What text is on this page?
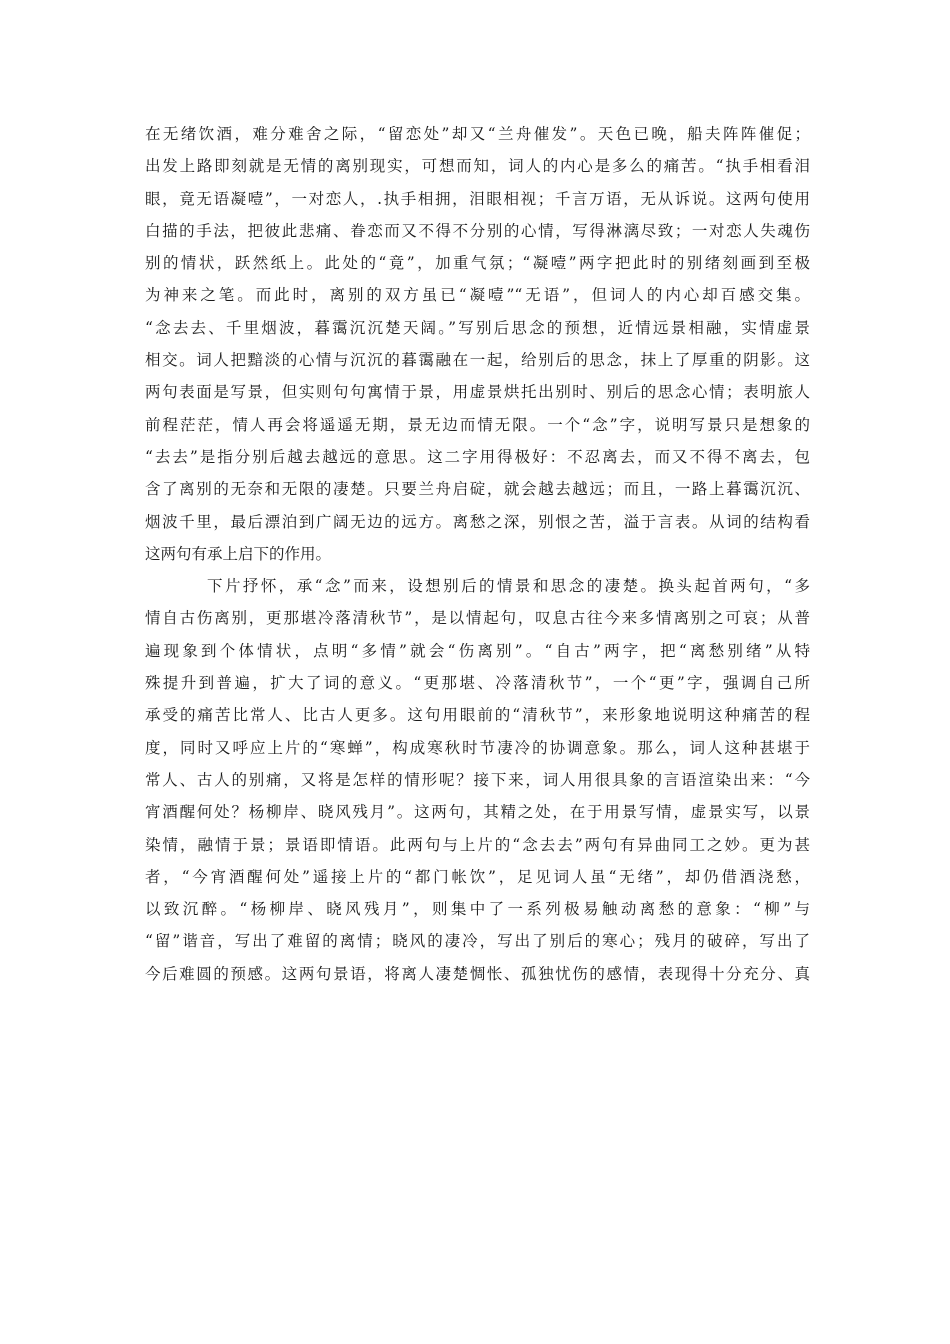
在无绪饮酒，难分难舍之际，“留恋处”却又“兰舟催发”。天色已晚，船夫阵阵催促；
出发上路即刻就是无情的离别现实，可想而知，词人的内心是多么的痛苦。“执手相看泪
眼，竟无语凝噎”，一对恋人，.执手相拥，泪眼相视；千言万语，无从诉说。这两句使用
白描的手法，把彼此悲痛、眷恋而又不得不分别的心情，写得淋漓尽致；一对恋人失魂伤
别的情状，跃然纸上。此处的“竟”，加重气氛；“凝噎”两字把此时的别绪刻画到至极
为神来之笔。而此时，离别的双方虽已“凝噎”“无语”，但词人的内心却百感交集。
“念去去、千里烟波，暮霭沉沉楚天阔。”写别后思念的预想，近情远景相融，实情虚景
相交。词人把黯淡的心情与沉沉的暮霭融在一起，给别后的思念，抹上了厚重的阴影。这
两句表面是写景，但实则句句寓情于景，用虚景烘托出别时、别后的思念心情；表明旅人
前程茫茫，情人再会将遥遥无期，景无边而情无限。一个“念”字，说明写景只是想象的
“去去”是指分别后越去越远的意思。这二字用得极好：不忍离去，而又不得不离去，包
含了离别的无奈和无限的凄楚。只要兰舟启碇，就会越去越远；而且，一路上暮霭沉沉、
烟波千里，最后漂泊到广阔无边的远方。离愁之深，别恨之苦，溢于言表。从词的结构看
这两句有承上启下的作用。
下片抒怀，承“念”而来，设想别后的情景和思念的凄楚。换头起首两句，“多
情自古伤离别，更那堪冷落清秋节”，是以情起句，叹息古往今来多情离别之可哀；从普
遍现象到个体情状，点明“多情”就会“伤离别”。“自古”两字，把“离愁别绪”从特
殊提升到普遍，扩大了词的意义。“更那堪、冷落清秋节”，一个“更”字，强调自己所
承受的痛苦比常人、比古人更多。这句用眼前的“清秋节”，来形象地说明这种痛苦的程
度，同时又呼应上片的“寒蝉”，构成寒秋时节凄冷的协调意象。那么，词人这种甚堪于
常人、古人的别痛，又将是怎样的情形呢？接下来，词人用很具象的言语渲染出来：“今
宵酒醒何处？杨柳岸、晓风残月”。这两句，其精之处，在于用景写情，虚景实写，以景
染情，融情于景；景语即情语。此两句与上片的“念去去”两句有异曲同工之妙。更为甚
者，“今宵酒醒何处”遥接上片的“都门帐饮”，足见词人虽“无绪”，却仍借酒浇愁，
以致沉醉。“杨柳岸、晓风残月”，则集中了一系列极易触动离愁的意象：“柳”与
“留”谐音，写出了难留的离情；晓风的凄冷，写出了别后的寒心；残月的破碎，写出了
今后难圆的预感。这两句景语，将离人凄楚惆怅、孤独忧伤的感情，表现得十分充分、真
